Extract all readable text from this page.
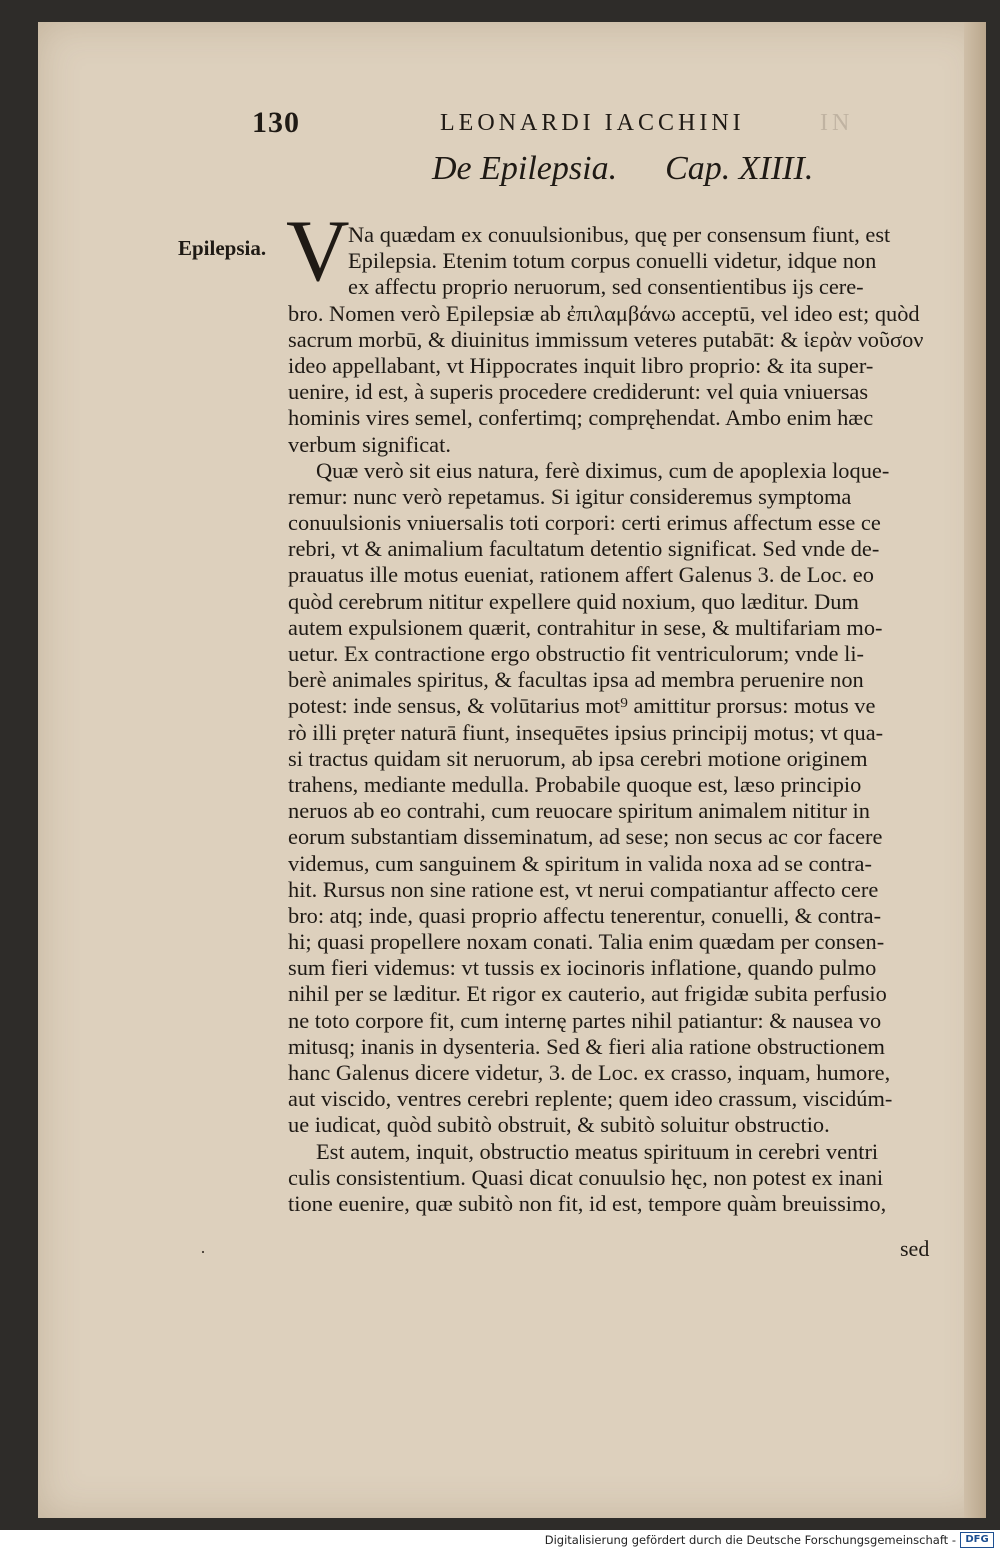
130	LEONARDI IACCHINI	IN
De Epilepsia. Cap. XIIII.
Epilepsia. V
Na quædam ex conuulsionibus, quę per consensum fiunt, est
Epilepsia. Etenim totum corpus conuelli videtur, idque non
ex affectu proprio neruorum, sed consentientibus ijs cere-
bro. Nomen verò Epilepsiæ ab ἐπιλαμβάνω acceptū, vel ideo est; quòd
sacrum morbū, & diuinitus immissum veteres putabāt: & ἱερὰν νοῦσον
ideo appellabant, vt Hippocrates inquit libro proprio: & ita super-
uenire, id est, à superis procedere crediderunt: vel quia vniuersas
hominis vires semel, confertimq; compręhendat. Ambo enim hæc
verbum significat.
Quæ verò sit eius natura, ferè diximus, cum de apoplexia loque-
remur: nunc verò repetamus. Si igitur consideremus symptoma
conuulsionis vniuersalis toti corpori: certi erimus affectum esse ce
rebri, vt & animalium facultatum detentio significat. Sed vnde de-
prauatus ille motus eueniat, rationem affert Galenus 3. de Loc. eo
quòd cerebrum nititur expellere quid noxium, quo læditur. Dum
autem expulsionem quærit, contrahitur in sese, & multifariam mo-
uetur. Ex contractione ergo obstructio fit ventriculorum; vnde li-
berè animales spiritus, & facultas ipsa ad membra peruenire non
potest: inde sensus, & volūtarius mot⁹ amittitur prorsus: motus ve
rò illi pręter naturā fiunt, insequētes ipsius principij motus; vt qua-
si tractus quidam sit neruorum, ab ipsa cerebri motione originem
trahens, mediante medulla. Probabile quoque est, læso principio
neruos ab eo contrahi, cum reuocare spiritum animalem nititur in
eorum substantiam disseminatum, ad sese; non secus ac cor facere
videmus, cum sanguinem & spiritum in valida noxa ad se contra-
hit. Rursus non sine ratione est, vt nerui compatiantur affecto cere
bro: atq; inde, quasi proprio affectu tenerentur, conuelli, & contra-
hi; quasi propellere noxam conati. Talia enim quædam per consen-
sum fieri videmus: vt tussis ex iocinoris inflatione, quando pulmo
nihil per se læditur. Et rigor ex cauterio, aut frigidæ subita perfusio
ne toto corpore fit, cum internę partes nihil patiantur: & nausea vo
mitusq; inanis in dysenteria. Sed & fieri alia ratione obstructionem
hanc Galenus dicere videtur, 3. de Loc. ex crasso, inquam, humore,
aut viscido, ventres cerebri replente; quem ideo crassum, viscidúm-
ue iudicat, quòd subitò obstruit, & subitò soluitur obstructio.
Est autem, inquit, obstructio meatus spirituum in cerebri ventri
culis consistentium. Quasi dicat conuulsio hęc, non potest ex inani
tione euenire, quæ subitò non fit, id est, tempore quàm breuissimo,
·	sed
Digitalisierung gefördert durch die Deutsche Forschungsgemeinschaft - DFG
